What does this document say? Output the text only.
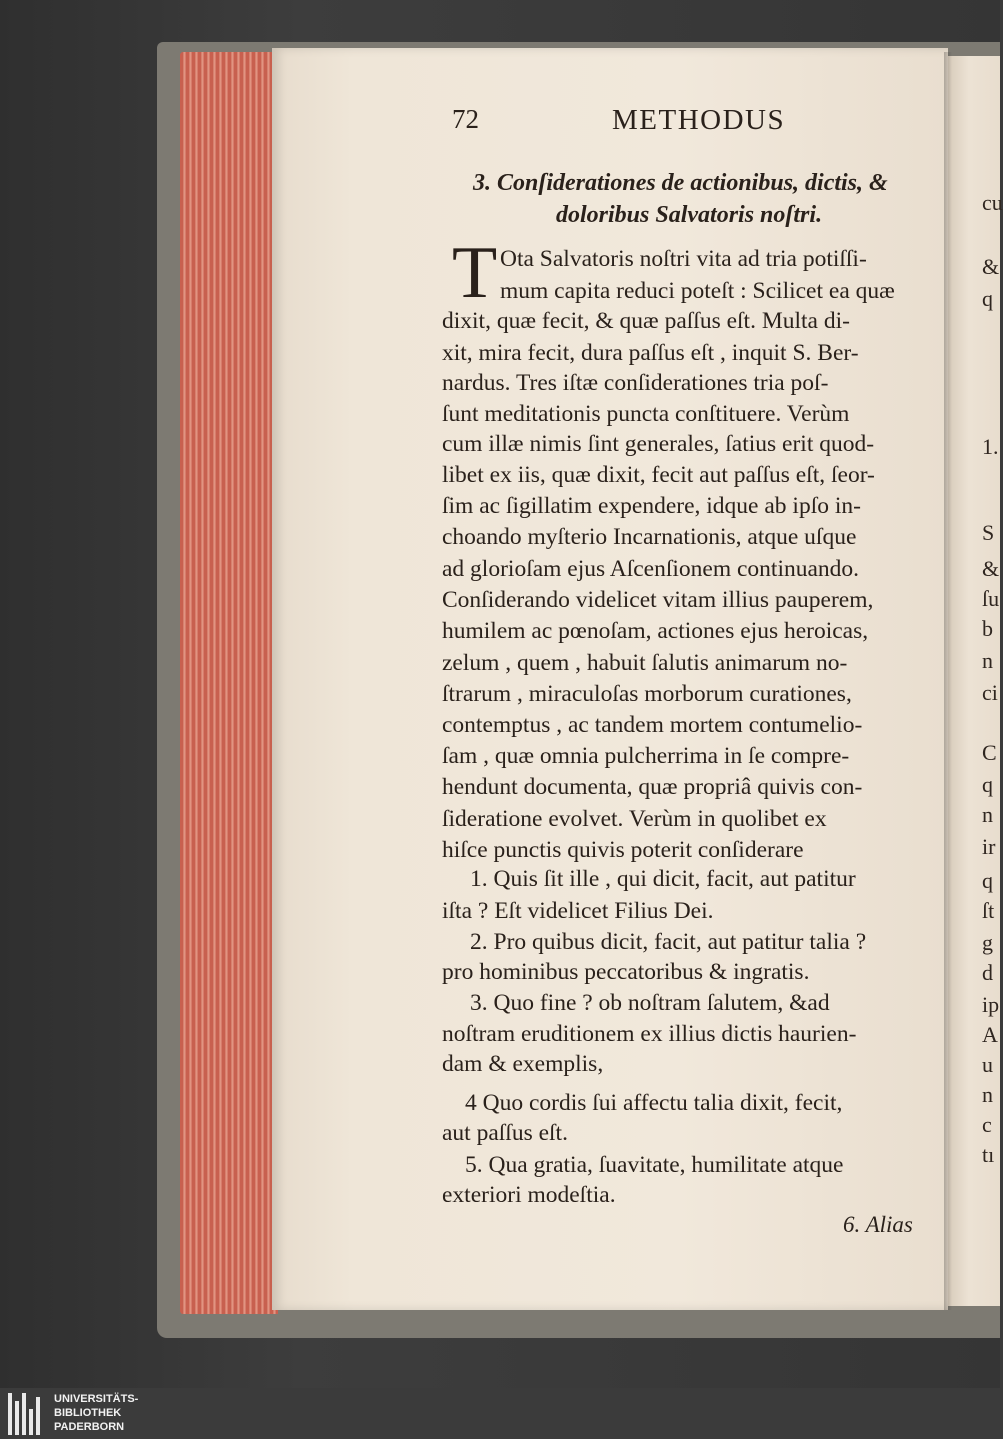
72	METHODUS
3. Conſiderationes de actionibus, dictis, &
doloribus Salvatoris noſtri.
T Ota Salvatoris noſtri vita ad tria potiſſi-
mum capita reduci poteſt : Scilicet ea quæ
dixit, quæ fecit, & quæ paſſus eſt. Multa di-
xit, mira fecit, dura paſſus eſt , inquit S. Ber-
nardus. Tres iſtæ conſiderationes tria poſ-
ſunt meditationis puncta conſtituere. Verùm
cum illæ nimis ſint generales, ſatius erit quod-
libet ex iis, quæ dixit, fecit aut paſſus eſt, ſeor-
ſim ac ſigillatim expendere, idque ab ipſo in-
choando myſterio Incarnationis, atque uſque
ad glorioſam ejus Aſcenſionem continuando.
Conſiderando videlicet vitam illius pauperem,
humilem ac pœnoſam, actiones ejus heroicas,
zelum , quem , habuit ſalutis animarum no-
ſtrarum , miraculoſas morborum curationes,
contemptus , ac tandem mortem contumelio-
ſam , quæ omnia pulcherrima in ſe compre-
hendunt documenta, quæ propriâ quivis con-
ſideratione evolvet. Verùm in quolibet ex
hiſce punctis quivis poterit conſiderare
1. Quis ſit ille , qui dicit, facit, aut patitur
iſta ? Eſt videlicet Filius Dei.
2. Pro quibus dicit, facit, aut patitur talia ?
pro hominibus peccatoribus & ingratis.
3. Quo fine ? ob noſtram ſalutem, &ad
noſtram eruditionem ex illius dictis haurien-
dam & exemplis,
4 Quo cordis ſui affectu talia dixit, fecit,
aut paſſus eſt.
5. Qua gratia, ſuavitate, humilitate atque
exteriori modeſtia.
cu
&
q
1.
S
&
ſu
b
n
ci
C
q
n
ir
q
ſt
g
d
ip
A
u
n
c
tı
6. Alias
UNIVERSITÄTS-
BIBLIOTHEK
PADERBORN
